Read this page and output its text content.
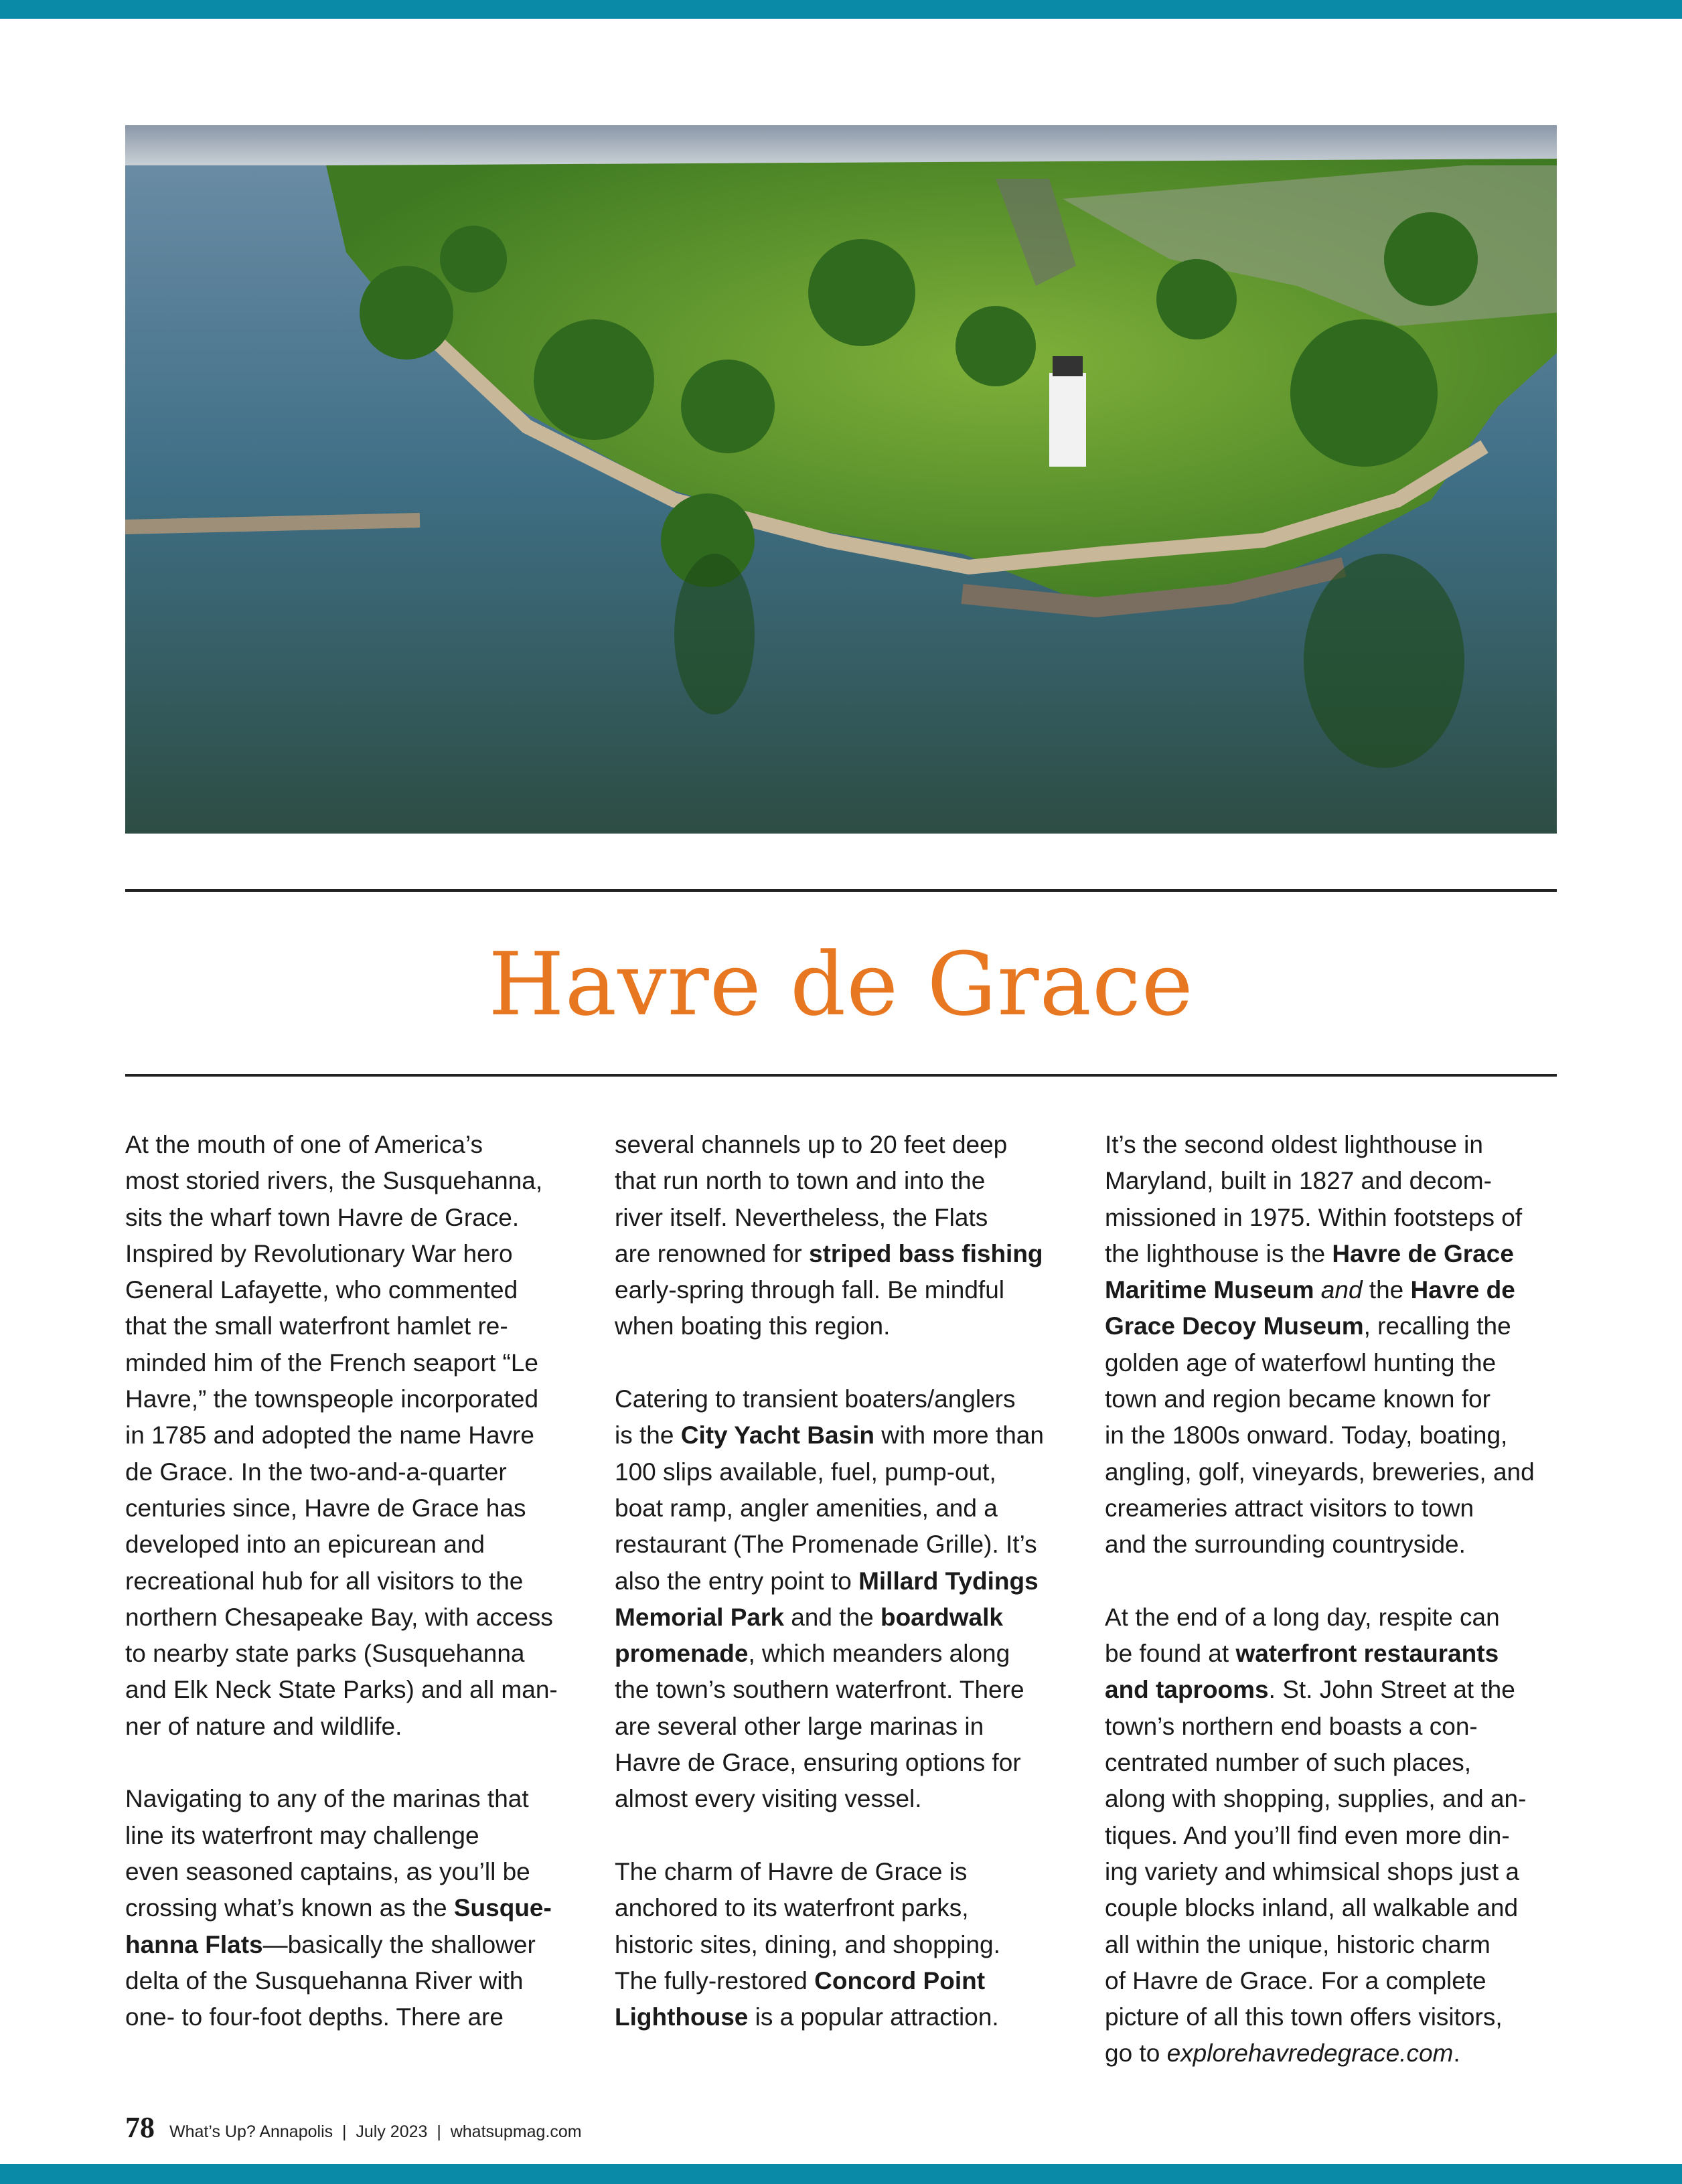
Havre de Grace
At the mouth of one of America’s
most storied rivers, the Susquehanna,
sits the wharf town Havre de Grace.
Inspired by Revolutionary War hero
General Lafayette, who commented
that the small waterfront hamlet re-
minded him of the French seaport “Le
Havre,” the townspeople incorporated
in 1785 and adopted the name Havre
de Grace. In the two-and-a-quarter
centuries since, Havre de Grace has
developed into an epicurean and
recreational hub for all visitors to the
northern Chesapeake Bay, with access
to nearby state parks (Susquehanna
and Elk Neck State Parks) and all man-
ner of nature and wildlife.
Navigating to any of the marinas that
line its waterfront may challenge
even seasoned captains, as you’ll be
crossing what’s known as the Susque-
hanna Flats—basically the shallower
delta of the Susquehanna River with
one- to four-foot depths. There are
several channels up to 20 feet deep
that run north to town and into the
river itself. Nevertheless, the Flats
are renowned for striped bass fishing
early-spring through fall. Be mindful
when boating this region.
Catering to transient boaters/anglers
is the City Yacht Basin with more than
100 slips available, fuel, pump-out,
boat ramp, angler amenities, and a
restaurant (The Promenade Grille). It’s
also the entry point to Millard Tydings
Memorial Park and the boardwalk
promenade, which meanders along
the town’s southern waterfront. There
are several other large marinas in
Havre de Grace, ensuring options for
almost every visiting vessel.
The charm of Havre de Grace is
anchored to its waterfront parks,
historic sites, dining, and shopping.
The fully-restored Concord Point
Lighthouse is a popular attraction.
It’s the second oldest lighthouse in
Maryland, built in 1827 and decom-
missioned in 1975. Within footsteps of
the lighthouse is the Havre de Grace
Maritime Museum and the Havre de
Grace Decoy Museum, recalling the
golden age of waterfowl hunting the
town and region became known for
in the 1800s onward. Today, boating,
angling, golf, vineyards, breweries, and
creameries attract visitors to town
and the surrounding countryside.
At the end of a long day, respite can
be found at waterfront restaurants
and taprooms. St. John Street at the
town’s northern end boasts a con-
centrated number of such places,
along with shopping, supplies, and an-
tiques. And you’ll find even more din-
ing variety and whimsical shops just a
couple blocks inland, all walkable and
all within the unique, historic charm
of Havre de Grace. For a complete
picture of all this town offers visitors,
go to explorehavredegrace.com.
78 What’s Up? Annapolis  |  July 2023  |  whatsupmag.com
